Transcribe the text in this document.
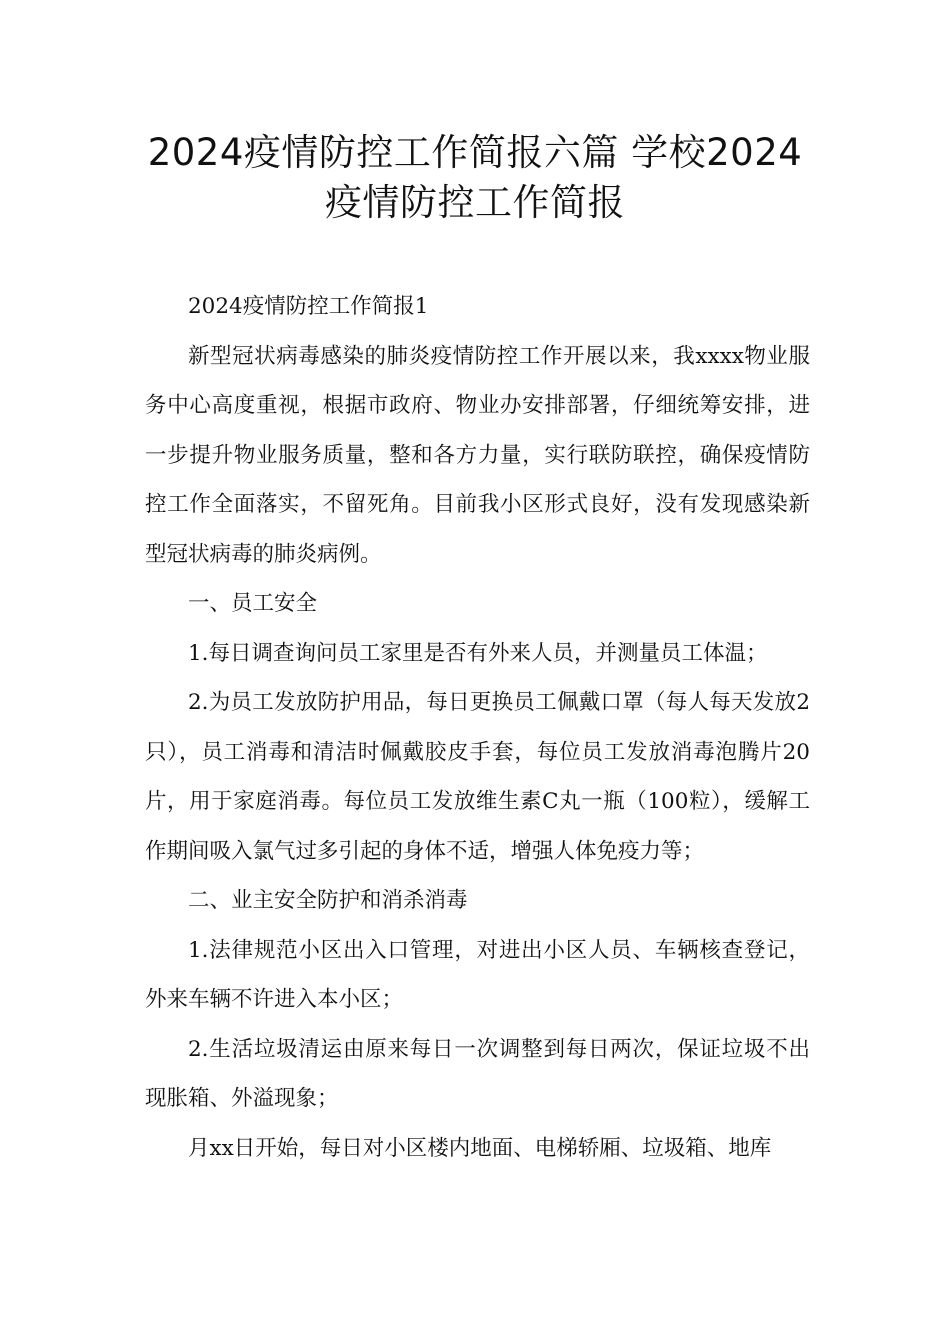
2024疫情防控工作简报六篇 学校2024
疫情防控工作简报

2024疫情防控工作简报1

新型冠状病毒感染的肺炎疫情防控工作开展以来，我xxxx物业服务中心高度重视，根据市政府、物业办安排部署，仔细统筹安排，进一步提升物业服务质量，整和各方力量，实行联防联控，确保疫情防控工作全面落实，不留死角。目前我小区形式良好，没有发现感染新型冠状病毒的肺炎病例。

一、员工安全

1.每日调查询问员工家里是否有外来人员，并测量员工体温；

2.为员工发放防护用品，每日更换员工佩戴口罩（每人每天发放2只），员工消毒和清洁时佩戴胶皮手套，每位员工发放消毒泡腾片20片，用于家庭消毒。每位员工发放维生素C丸一瓶（100粒），缓解工作期间吸入氯气过多引起的身体不适，增强人体免疫力等；

二、业主安全防护和消杀消毒

1.法律规范小区出入口管理，对进出小区人员、车辆核查登记，外来车辆不许进入本小区；

2.生活垃圾清运由原来每日一次调整到每日两次，保证垃圾不出现胀箱、外溢现象；

月xx日开始，每日对小区楼内地面、电梯轿厢、垃圾箱、地库
